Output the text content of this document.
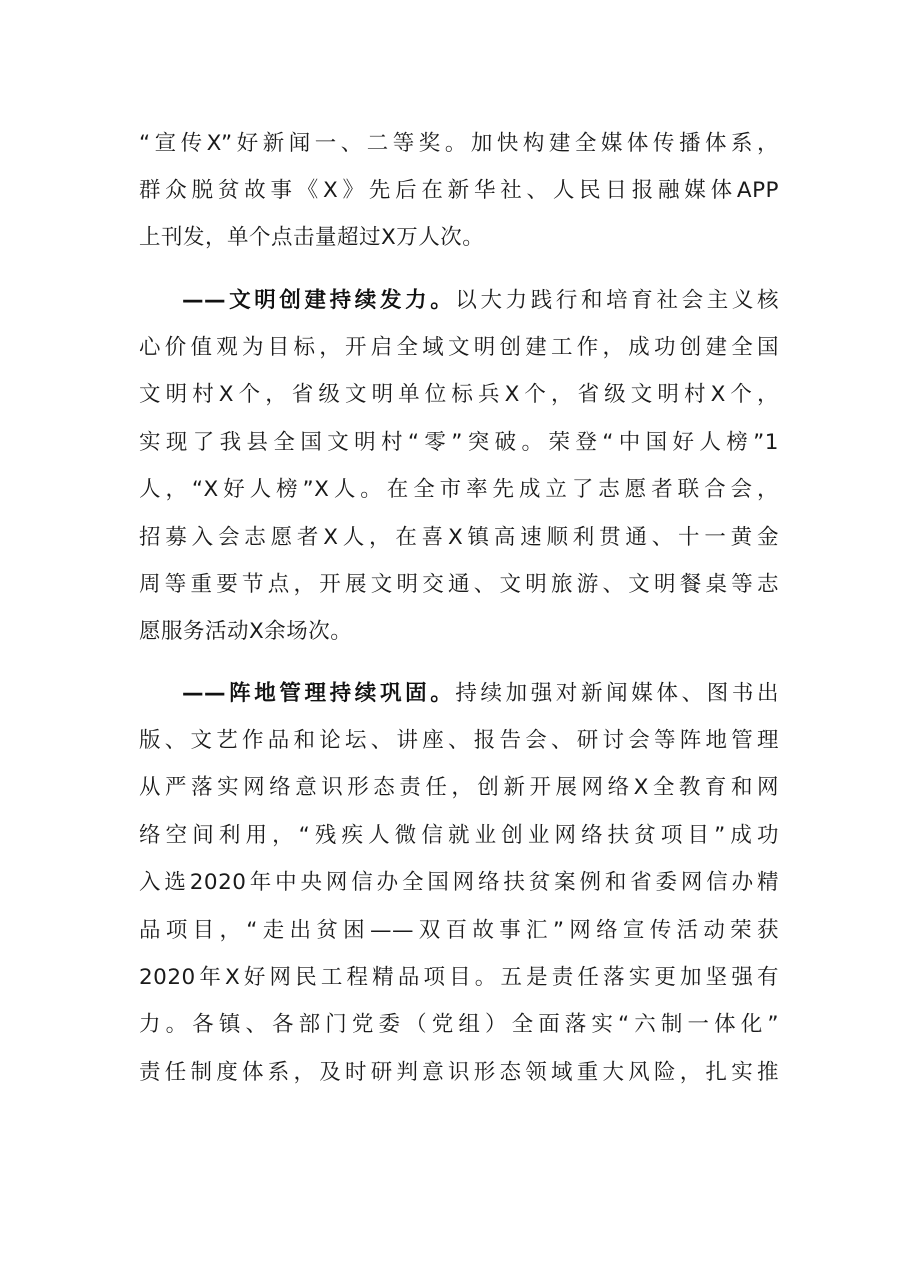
“宣传X”好新闻一、二等奖。加快构建全媒体传播体系，

群众脱贫故事《X》先后在新华社、人民日报融媒体APP

上刊发，单个点击量超过X万人次。

——文明创建持续发力。以大力践行和培育社会主义核

心价值观为目标，开启全域文明创建工作，成功创建全国

文明村X个，省级文明单位标兵X个，省级文明村X个，

实现了我县全国文明村“零”突破。荣登“中国好人榜”1

人，“X好人榜”X人。在全市率先成立了志愿者联合会，

招募入会志愿者X人，在喜X镇高速顺利贯通、十一黄金

周等重要节点，开展文明交通、文明旅游、文明餐桌等志

愿服务活动X余场次。

——阵地管理持续巩固。持续加强对新闻媒体、图书出

版、文艺作品和论坛、讲座、报告会、研讨会等阵地管理

从严落实网络意识形态责任，创新开展网络X全教育和网

络空间利用，“残疾人微信就业创业网络扶贫项目”成功

入选2020年中央网信办全国网络扶贫案例和省委网信办精

品项目，“走出贫困——双百故事汇”网络宣传活动荣获

2020年X好网民工程精品项目。五是责任落实更加坚强有

力。各镇、各部门党委（党组）全面落实“六制一体化”

责任制度体系，及时研判意识形态领域重大风险，扎实推
